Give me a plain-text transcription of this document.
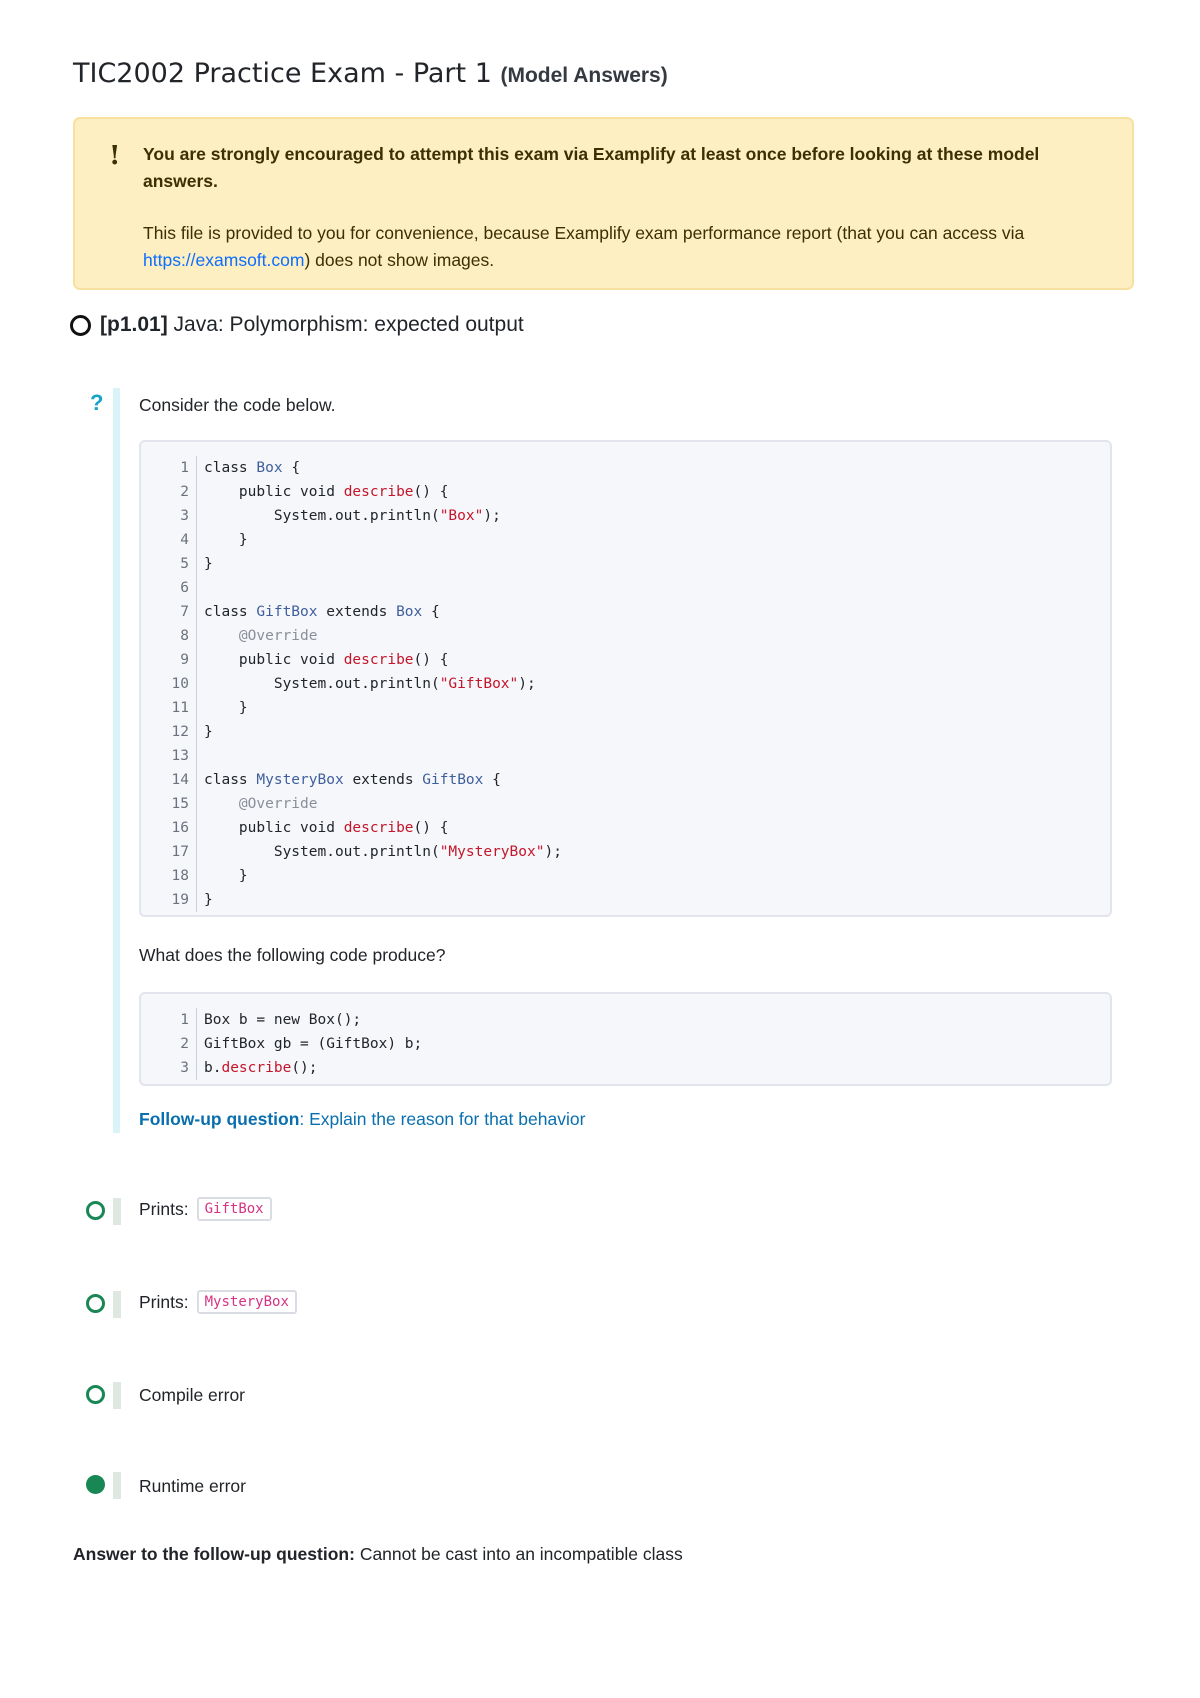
TIC2002 Practice Exam - Part 1 (Model Answers)
! You are strongly encouraged to attempt this exam via Examplify at least once before looking at these model answers.

This file is provided to you for convenience, because Examplify exam performance report (that you can access via https://examsoft.com) does not show images.

[p1.01] Java: Polymorphism: expected output
? Consider the code below.

1	class Box {
2	public void describe() {
3	System.out.println("Box");
4	}
5	}
6
7	class GiftBox extends Box {
8	@Override
9	public void describe() {
10	System.out.println("GiftBox");
11	}
12	}
13
14	class MysteryBox extends GiftBox {
15	@Override
16	public void describe() {
17	System.out.println("MysteryBox");
18	}
19	}

What does the following code produce?

1	Box b = new Box();
2	GiftBox gb = (GiftBox) b;
3	b.describe();

Follow-up question: Explain the reason for that behavior

Prints:	GiftBox
Prints:	MysteryBox
Compile error
Runtime error

Answer to the follow-up question: Cannot be cast into an incompatible class
